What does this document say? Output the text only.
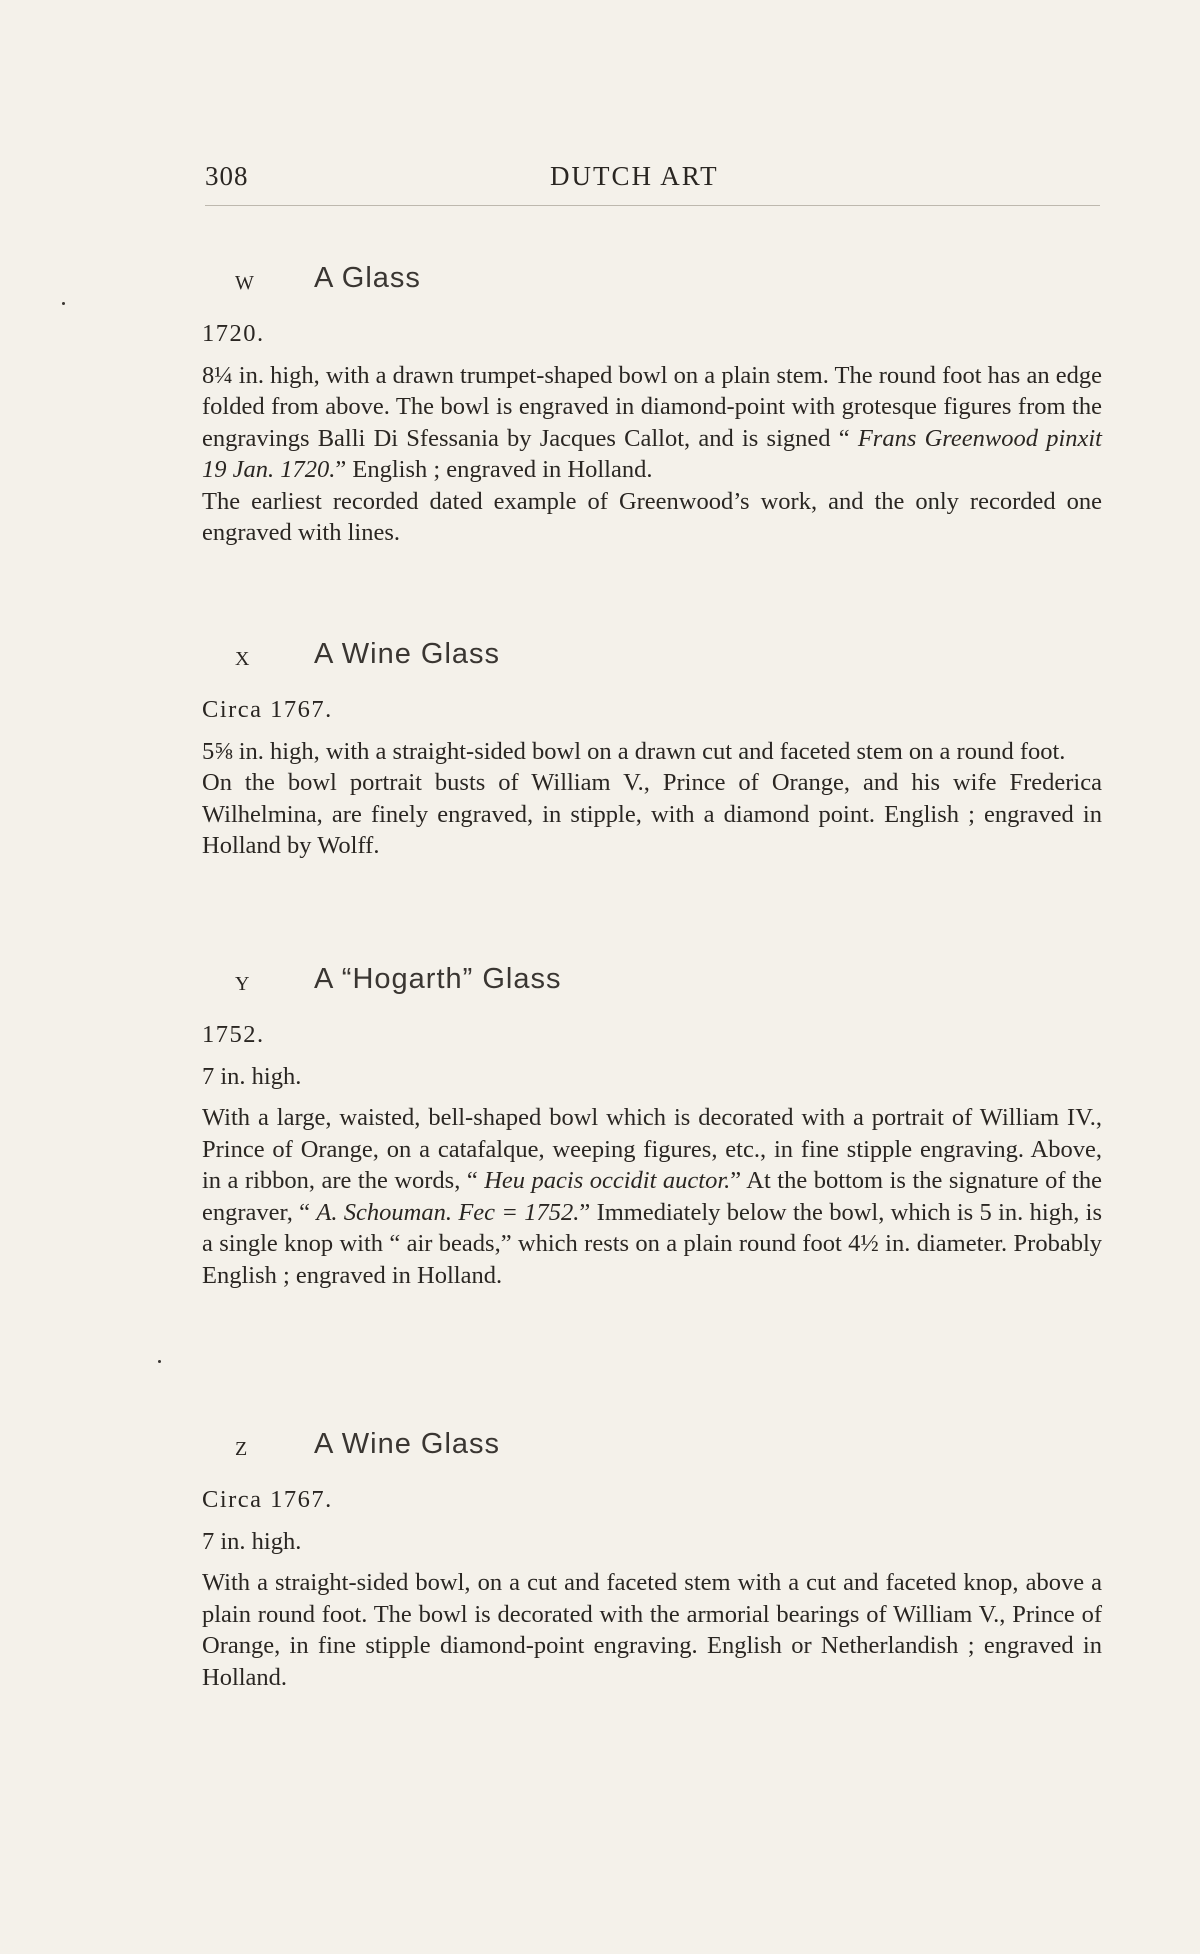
308	DUTCH ART
W A Glass

1720.

8¼ in. high, with a drawn trumpet-shaped bowl on a plain stem. The round foot has an edge folded from above. The bowl is engraved in diamond-point with grotesque figures from the engravings Balli Di Sfessania by Jacques Callot, and is signed “ Frans Greenwood pinxit 19 Jan. 1720.” English ; engraved in Holland.

The earliest recorded dated example of Greenwood’s work, and the only recorded one engraved with lines.

X A Wine Glass

Circa 1767.

5⅝ in. high, with a straight-sided bowl on a drawn cut and faceted stem on a round foot.

On the bowl portrait busts of William V., Prince of Orange, and his wife Frederica Wilhelmina, are finely engraved, in stipple, with a diamond point. English ; engraved in Holland by Wolff.

Y A “Hogarth” Glass

1752.

7 in. high.

With a large, waisted, bell-shaped bowl which is decorated with a portrait of William IV., Prince of Orange, on a catafalque, weeping figures, etc., in fine stipple engraving. Above, in a ribbon, are the words, “ Heu pacis occidit auctor.” At the bottom is the signature of the engraver, “ A. Schouman. Fec = 1752.” Immediately below the bowl, which is 5 in. high, is a single knop with “ air beads,” which rests on a plain round foot 4½ in. diameter. Probably English ; engraved in Holland.

Z A Wine Glass

Circa 1767.

7 in. high.

With a straight-sided bowl, on a cut and faceted stem with a cut and faceted knop, above a plain round foot. The bowl is decorated with the armorial bearings of William V., Prince of Orange, in fine stipple diamond-point engraving. English or Netherlandish ; engraved in Holland.
